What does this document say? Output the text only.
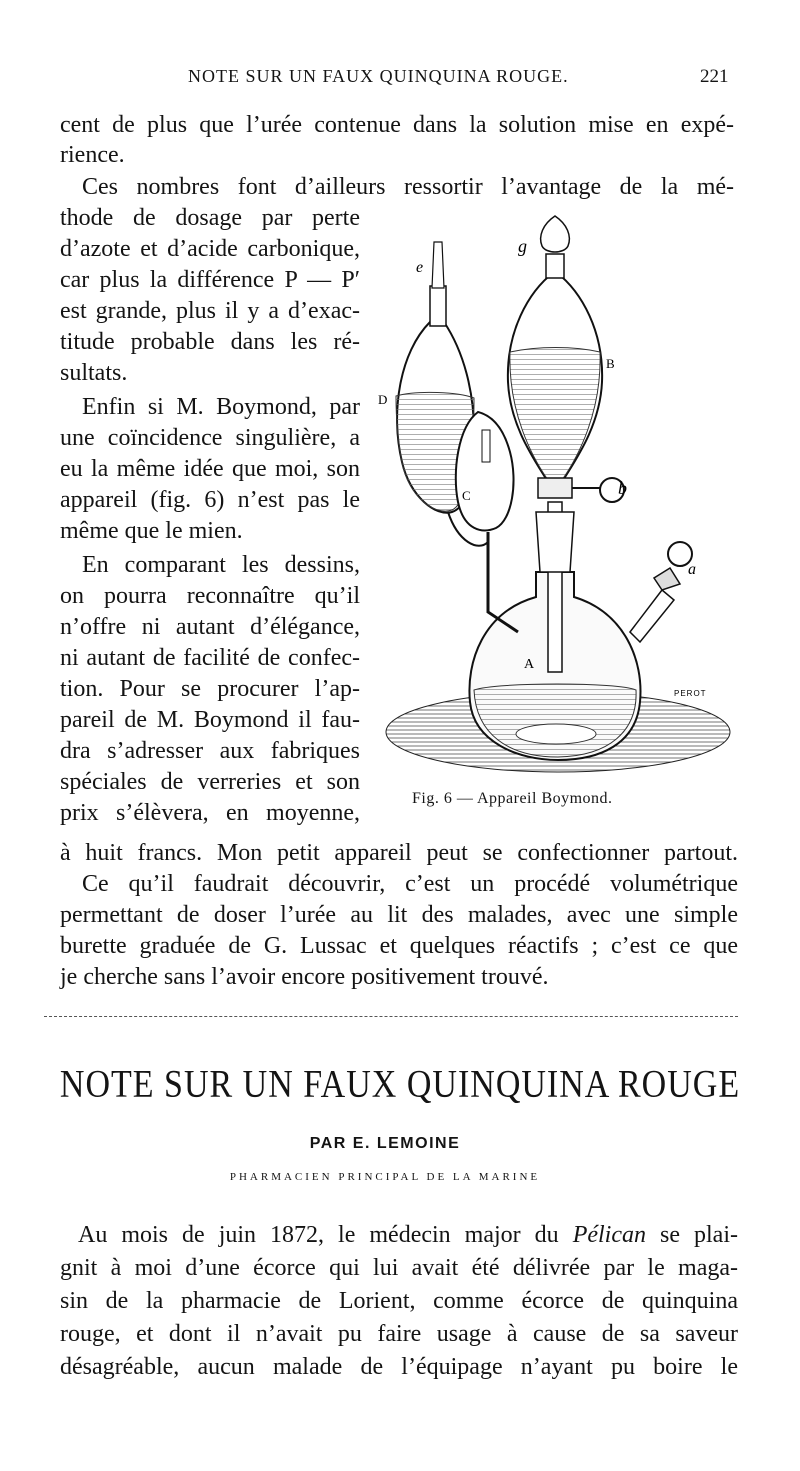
NOTE SUR UN FAUX QUINQUINA ROUGE.	221
cent de plus que l’urée contenue dans la solution mise en expé-
rience.
Ces nombres font d’ailleurs ressortir l’avantage de la mé-
thode de dosage par perte
d’azote et d’acide carbonique,
car plus la différence P — P′
est grande, plus il y a d’exac-
titude probable dans les ré-
sultats.
Enfin si M. Boymond, par
une coïncidence singulière, a
eu la même idée que moi, son
appareil (fig. 6) n’est pas le
même que le mien.
En comparant les dessins,
on pourra reconnaître qu’il
n’offre ni autant d’élégance,
ni autant de facilité de confec-
tion. Pour se procurer l’ap-
pareil de M. Boymond il fau-
dra s’adresser aux fabriques
spéciales de verreries et son
prix s’élèvera, en moyenne,
à huit francs. Mon petit appareil peut se confectionner partout.
Ce qu’il faudrait découvrir, c’est un procédé volumétrique
permettant de doser l’urée au lit des malades, avec une simple
burette graduée de G. Lussac et quelques réactifs ; c’est ce que
je cherche sans l’avoir encore positivement trouvé.
g
e
B
D
C	b
a
A
PEROT
Fig. 6 — Appareil Boymond.
NOTE SUR UN FAUX QUINQUINA ROUGE
PAR E. LEMOINE
PHARMACIEN PRINCIPAL DE LA MARINE
Au mois de juin 1872, le médecin major du Pélican se plai-
gnit à moi d’une écorce qui lui avait été délivrée par le maga-
sin de la pharmacie de Lorient, comme écorce de quinquina
rouge, et dont il n’avait pu faire usage à cause de sa saveur
désagréable, aucun malade de l’équipage n’ayant pu boire le
